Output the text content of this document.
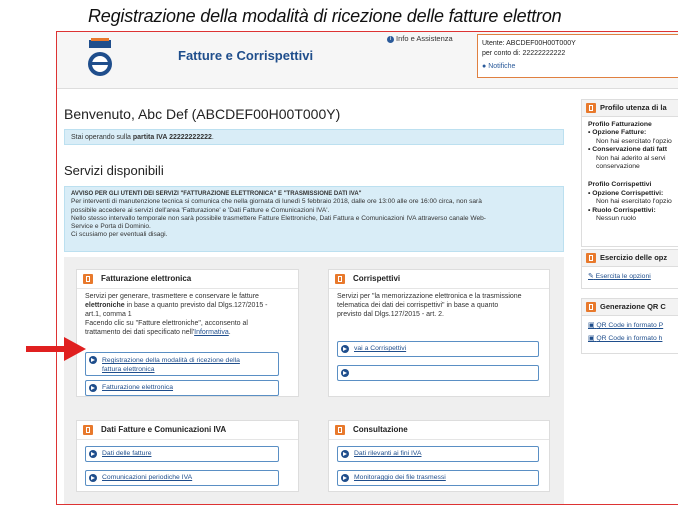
Registrazione della modalità di ricezione delle fatture elettron
Fatture e Corrispettivi
i Info e Assistenza
Utente: ABCDEF00H00T000Y
per conto di: 22222222222
● Notifiche
Benvenuto, Abc Def (ABCDEF00H00T000Y)
Stai operando sulla partita IVA 22222222222.
Servizi disponibili
AVVISO PER GLI UTENTI DEI SERVIZI "FATTURAZIONE ELETTRONICA" E "TRASMISSIONE DATI IVA"
Per interventi di manutenzione tecnica si comunica che nella giornata di lunedì 5 febbraio 2018, dalle ore 13:00 alle ore 16:00 circa, non sarà
possibile accedere ai servizi dell'area 'Fatturazione' e 'Dati Fatture e Comunicazioni IVA'.
Nello stesso intervallo temporale non sarà possibile trasmettere Fatture Elettroniche, Dati Fattura e Comunicazioni IVA attraverso canale Web-
Service e Porta di Dominio.
Ci scusiamo per eventuali disagi.
Fatturazione elettronica
Servizi per generare, trasmettere e conservare le fatture
elettroniche in base a quanto previsto dal Dlgs.127/2015 -
art.1, comma 1
Facendo clic su "Fatture elettroniche", acconsento al
trattamento dei dati specificato nell'Informativa.
Registrazione della modalità di ricezione della
fattura elettronica
Fatturazione elettronica
Corrispettivi
Servizi per "la memorizzazione elettronica e la trasmissione
telematica dei dati dei corrispettivi" in base a quanto
previsto dal Dlgs.127/2015 - art. 2.
vai a Corrispettivi
Dati Fatture e Comunicazioni IVA
Dati delle fatture
Comunicazioni periodiche IVA
Consultazione
Dati rilevanti ai fini IVA
Monitoraggio dei file trasmessi
Profilo utenza di la
Profilo Fatturazione
• Opzione Fatture:
Non hai esercitato l'opzio
• Conservazione dati fatt
Non hai aderito al servi
conservazione
Profilo Corrispettivi
• Opzione Corrispettivi:
Non hai esercitato l'opzio
• Ruolo Corrispettivi:
Nessun ruolo
Esercizio delle opz
✎ Esercita le opzioni
Generazione QR C
▣ QR Code in formato P
▣ QR Code in formato h
